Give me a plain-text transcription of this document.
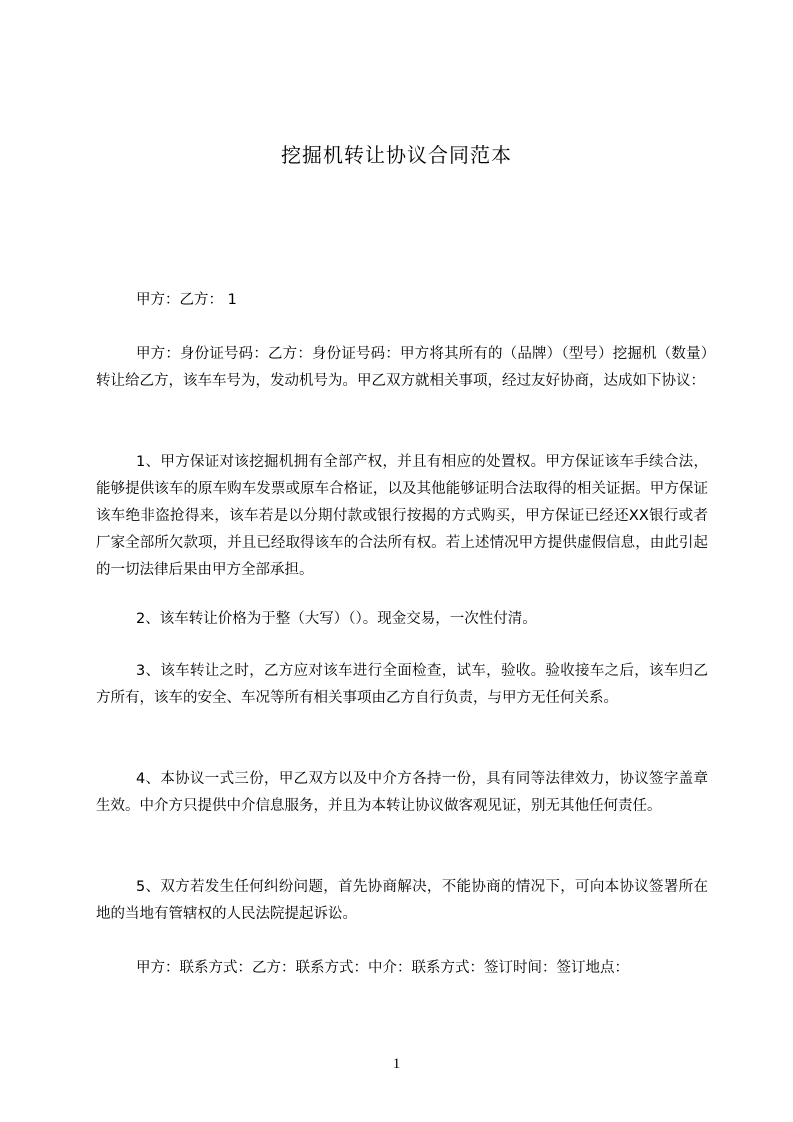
挖掘机转让协议合同范本
甲方：乙方： 1
甲方：身份证号码：乙方：身份证号码：甲方将其所有的（品牌）（型号）挖掘机（数量）转让给乙方，该车车号为，发动机号为。甲乙双方就相关事项，经过友好协商，达成如下协议：
1、甲方保证对该挖掘机拥有全部产权，并且有相应的处置权。甲方保证该车手续合法，能够提供该车的原车购车发票或原车合格证，以及其他能够证明合法取得的相关证据。甲方保证该车绝非盗抢得来，该车若是以分期付款或银行按揭的方式购买，甲方保证已经还XX银行或者厂家全部所欠款项，并且已经取得该车的合法所有权。若上述情况甲方提供虚假信息，由此引起的一切法律后果由甲方全部承担。
2、该车转让价格为于整（大写）（）。现金交易，一次性付清。
3、该车转让之时，乙方应对该车进行全面检查，试车，验收。验收接车之后，该车归乙方所有，该车的安全、车况等所有相关事项由乙方自行负责，与甲方无任何关系。
4、本协议一式三份，甲乙双方以及中介方各持一份，具有同等法律效力，协议签字盖章生效。中介方只提供中介信息服务，并且为本转让协议做客观见证，别无其他任何责任。
5、双方若发生任何纠纷问题，首先协商解决，不能协商的情况下，可向本协议签署所在地的当地有管辖权的人民法院提起诉讼。
甲方：联系方式：乙方：联系方式：中介：联系方式：签订时间：签订地点：
1
